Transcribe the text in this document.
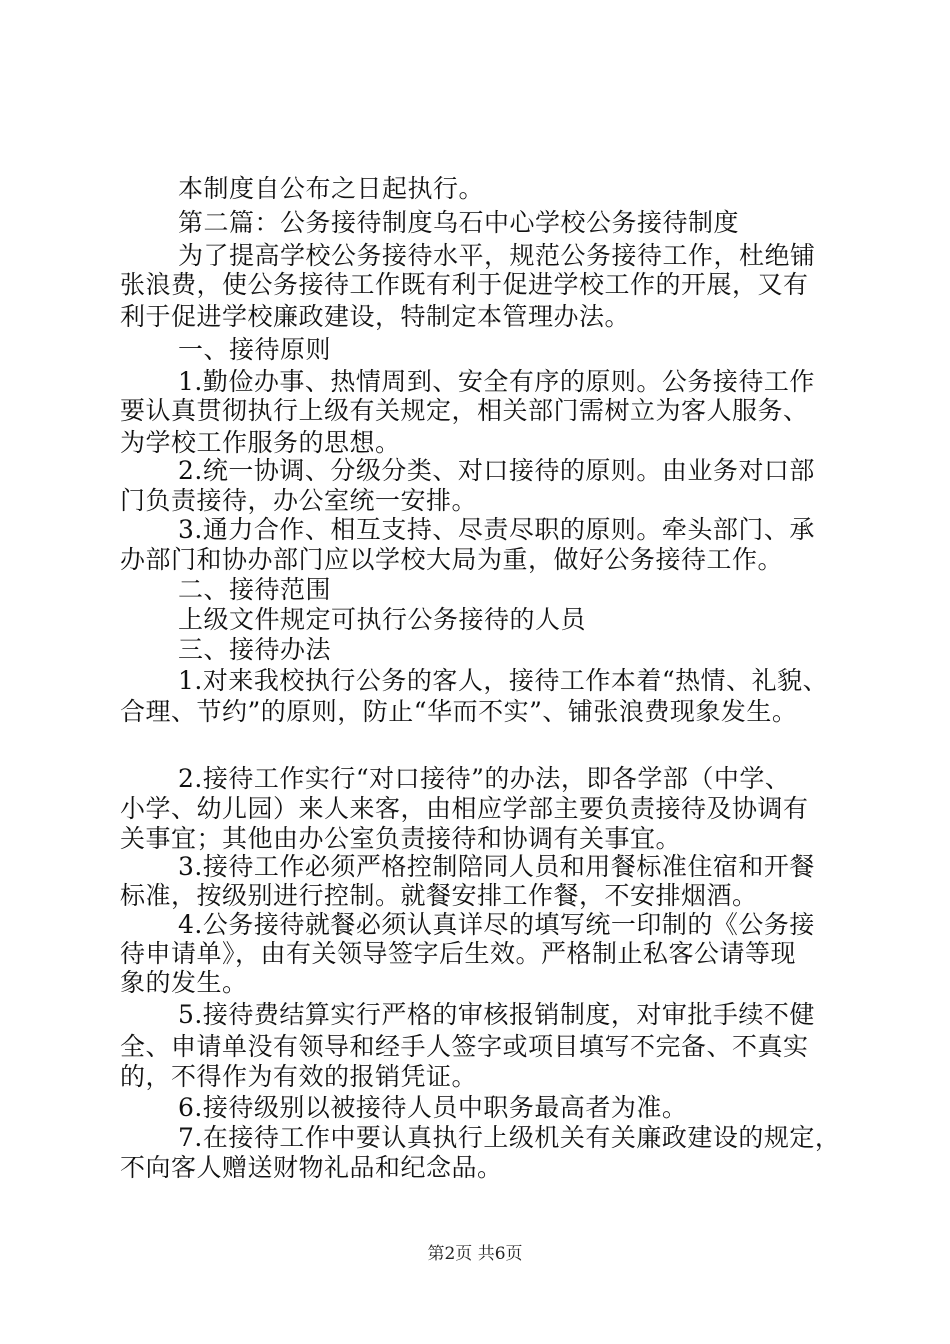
本制度自公布之日起执行。
第二篇：公务接待制度乌石中心学校公务接待制度
为了提高学校公务接待水平，规范公务接待工作，杜绝铺
张浪费，使公务接待工作既有利于促进学校工作的开展，又有
利于促进学校廉政建设，特制定本管理办法。
一、接待原则
1.勤俭办事、热情周到、安全有序的原则。公务接待工作
要认真贯彻执行上级有关规定，相关部门需树立为客人服务、
为学校工作服务的思想。
2.统一协调、分级分类、对口接待的原则。由业务对口部
门负责接待，办公室统一安排。
3.通力合作、相互支持、尽责尽职的原则。牵头部门、承
办部门和协办部门应以学校大局为重，做好公务接待工作。
二、接待范围
上级文件规定可执行公务接待的人员
三、接待办法
1.对来我校执行公务的客人，接待工作本着“热情、礼貌、
合理、节约”的原则，防止“华而不实”、铺张浪费现象发生。
2.接待工作实行“对口接待”的办法，即各学部（中学、
小学、幼儿园）来人来客，由相应学部主要负责接待及协调有
关事宜；其他由办公室负责接待和协调有关事宜。
3.接待工作必须严格控制陪同人员和用餐标准住宿和开餐
标准，按级别进行控制。就餐安排工作餐，不安排烟酒。
4.公务接待就餐必须认真详尽的填写统一印制的《公务接
待申请单》，由有关领导签字后生效。严格制止私客公请等现
象的发生。
5.接待费结算实行严格的审核报销制度，对审批手续不健
全、申请单没有领导和经手人签字或项目填写不完备、不真实
的，不得作为有效的报销凭证。
6.接待级别以被接待人员中职务最高者为准。
7.在接待工作中要认真执行上级机关有关廉政建设的规定，
不向客人赠送财物礼品和纪念品。
第2页 共6页
